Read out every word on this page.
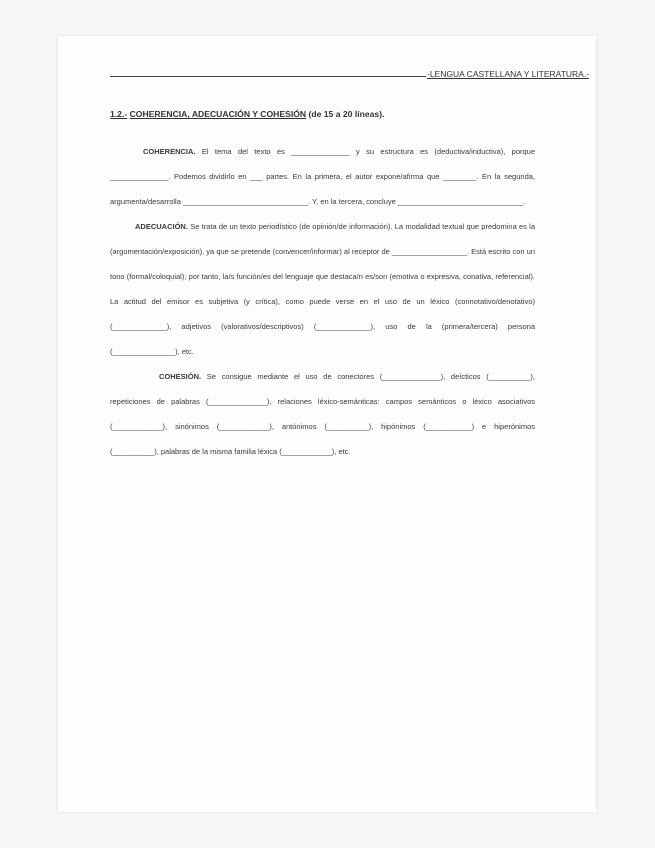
-LENGUA CASTELLANA Y LITERATURA.-
1.2.- COHERENCIA, ADECUACIÓN Y COHESIÓN (de 15 a 20 líneas).

COHERENCIA. El tema del texto es ______________ y su estructura es (deductiva/inductiva), porque ______________. Podemos dividirlo en ___ partes. En la primera, el autor expone/afirma que ________. En la segunda, argumenta/desarrolla ______________________________. Y, en la tercera, concluye ______________________________.

ADECUACIÓN. Se trata de un texto periodístico (de opinión/de información). La modalidad textual que predomina es la (argumentación/exposición), ya que se pretende (convencer/informar) al receptor de __________________. Está escrito con un tono (formal/coloquial); por tanto, la/s función/es del lenguaje que destaca/n es/son (emotiva o expresiva, conativa, referencial). La actitud del emisor es subjetiva (y crítica), como puede verse en el uso de un léxico (connotativo/denotativo) (_____________), adjetivos (valorativos/descriptivos) (_____________), uso de la (primera/tercera) persona (_______________), etc.

COHESIÓN. Se consigue mediante el uso de conectores (______________), deícticos (__________), repeticiones de palabras (______________), relaciones léxico-semánticas: campos semánticos o léxico asociativos (____________), sinónimos (____________), antónimos (__________), hipónimos (___________) e hiperónimos (__________), palabras de la misma familia léxica (____________), etc.
